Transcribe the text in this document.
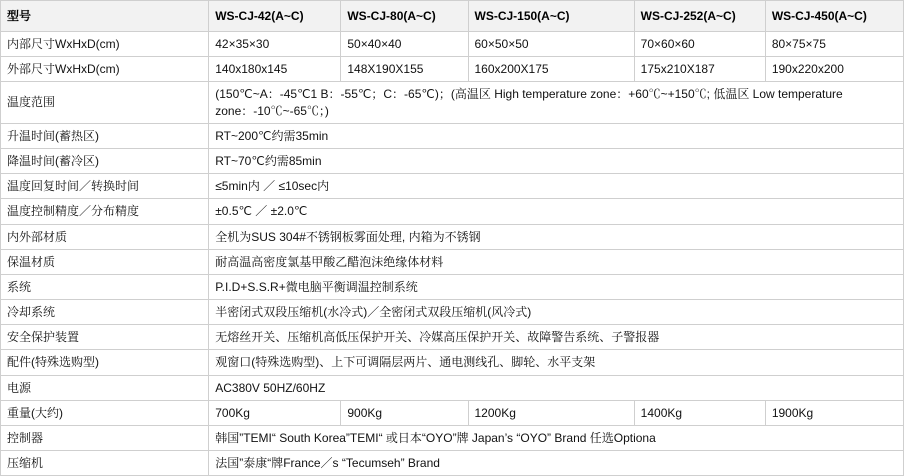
型号	WS-CJ-42(A~C)	WS-CJ-80(A~C)	WS-CJ-150(A~C)	WS-CJ-252(A~C)	WS-CJ-450(A~C)
内部尺寸WxHxD(cm)	42×35×30	50×40×40	60×50×50	70×60×60	80×75×75
外部尺寸WxHxD(cm)	140x180x145	148X190X155	160x200X175	175x210X187	190x220x200
温度范围	(150℃~A：-45℃1 B：-55℃；C：-65℃)；(高温区 High temperature zone：+60℃~+150℃; 低温区 Low temperature zone：-10℃~-65℃；)				
升温时间(蓄热区)	RT~200℃约需35min				
降温时间(蓄冷区)	RT~70℃约需85min				
温度回复时间／转换时间	≤5min内 ／ ≤10sec内				
温度控制精度／分布精度	±0.5℃ ／ ±2.0℃				
内外部材质	全机为SUS 304#不锈钢板雾面处理, 内箱为不锈钢				
保温材质	耐高温高密度氯基甲酸乙醋泡沫绝缘体材料				
系统	P.I.D+S.S.R+微电脑平衡调温控制系统				
冷却系统	半密闭式双段压缩机(水冷式)／全密闭式双段压缩机(风冷式)				
安全保护装置	无熔丝开关、压缩机高低压保护开关、冷媒高压保护开关、故障警告系统、子警报器				
配件(特殊选购型)	观窗口(特殊选购型)、上下可调隔层两片、通电测线孔、脚轮、水平支架				
电源	AC380V 50HZ/60HZ				
重量(大约)	700Kg	900Kg	1200Kg	1400Kg	1900Kg
控制器	韩国”TEMI“ South Korea”TEMI“ 或日本“OYO”牌 Japan’s “OYO” Brand 任选Optiona				
压缩机	法国”泰康“牌France／s “Tecumseh” Brand				
